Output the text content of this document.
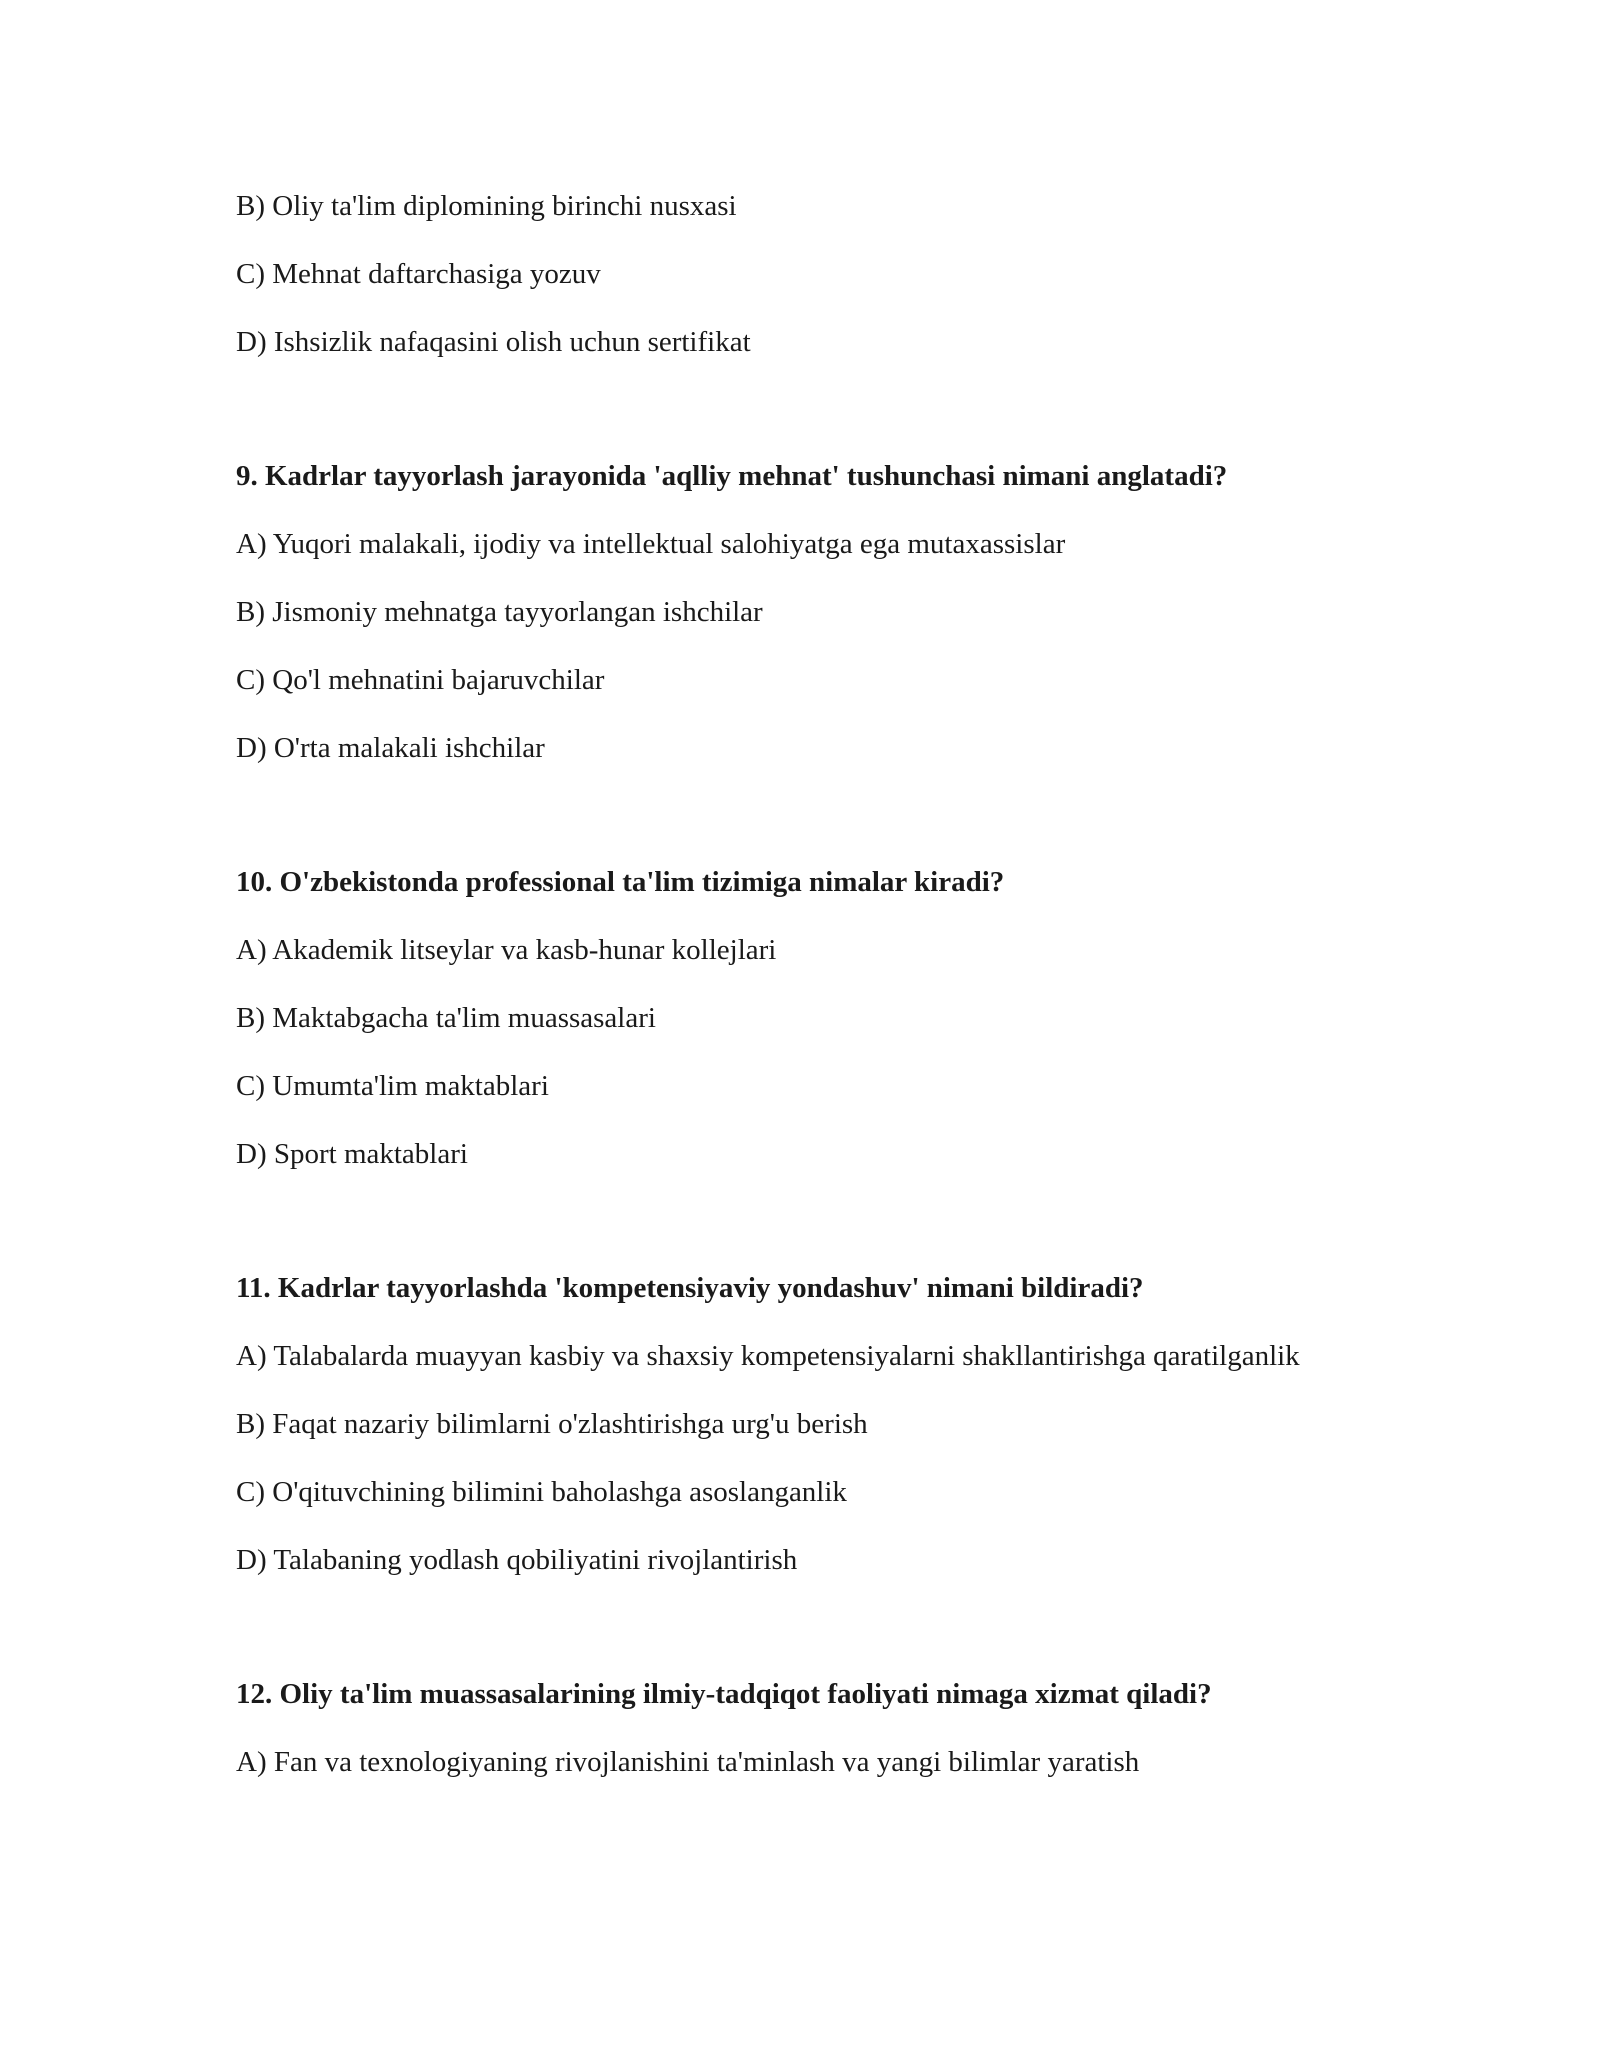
B) Oliy ta'lim diplomining birinchi nusxasi

C) Mehnat daftarchasiga yozuv

D) Ishsizlik nafaqasini olish uchun sertifikat

9. Kadrlar tayyorlash jarayonida 'aqlliy mehnat' tushunchasi nimani anglatadi?

A) Yuqori malakali, ijodiy va intellektual salohiyatga ega mutaxassislar

B) Jismoniy mehnatga tayyorlangan ishchilar

C) Qo'l mehnatini bajaruvchilar

D) O'rta malakali ishchilar

10. O'zbekistonda professional ta'lim tizimiga nimalar kiradi?

A) Akademik litseylar va kasb-hunar kollejlari

B) Maktabgacha ta'lim muassasalari

C) Umumta'lim maktablari

D) Sport maktablari

11. Kadrlar tayyorlashda 'kompetensiyaviy yondashuv' nimani bildiradi?

A) Talabalarda muayyan kasbiy va shaxsiy kompetensiyalarni shakllantirishga qaratilganlik

B) Faqat nazariy bilimlarni o'zlashtirishga urg'u berish

C) O'qituvchining bilimini baholashga asoslanganlik

D) Talabaning yodlash qobiliyatini rivojlantirish

12. Oliy ta'lim muassasalarining ilmiy-tadqiqot faoliyati nimaga xizmat qiladi?

A) Fan va texnologiyaning rivojlanishini ta'minlash va yangi bilimlar yaratish
